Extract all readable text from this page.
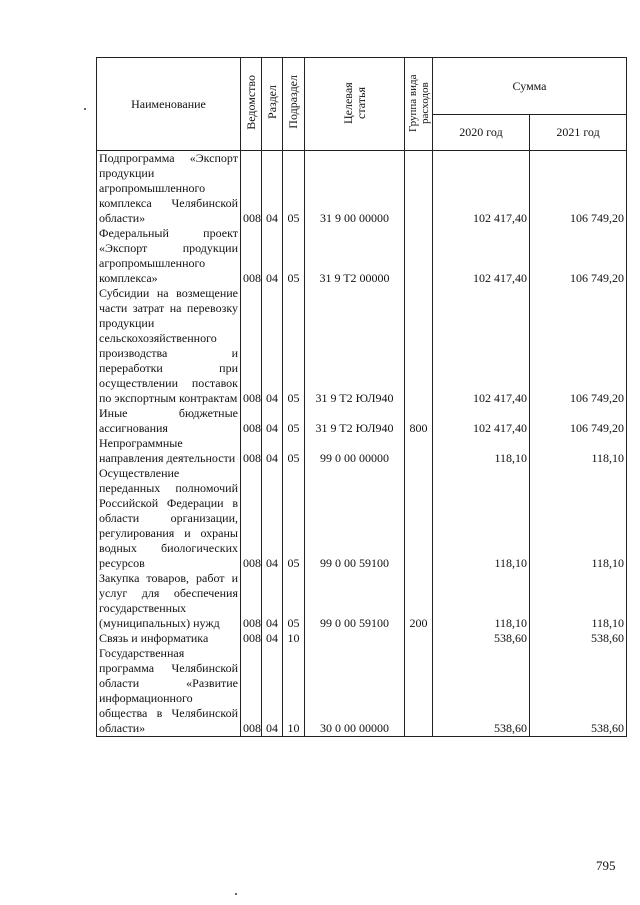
Наименование	Ведомство	Раздел	Подраздел	Целевая статья	Группа вида расходов	Сумма	
						2020 год	2021 год
Подпрограмма «Экспорт продукции агропромышленного комплекса Челябинской области»	008	04	05	31 9 00 00000		102 417,40	106 749,20
Федеральный проект «Экспорт продукции агропромышленного комплекса»	008	04	05	31 9 T2 00000		102 417,40	106 749,20
Субсидии на возмещение части затрат на перевозку продукции сельскохозяйственного производства и переработки при осуществлении поставок по экспортным контрактам	008	04	05	31 9 T2 ЮЛ940		102 417,40	106 749,20
Иные бюджетные ассигнования	008	04	05	31 9 T2 ЮЛ940	800	102 417,40	106 749,20
Непрограммные направления деятельности	008	04	05	99 0 00 00000		118,10	118,10
Осуществление переданных полномочий Российской Федерации в области организации, регулирования и охраны водных биологических ресурсов	008	04	05	99 0 00 59100		118,10	118,10
Закупка товаров, работ и услуг для обеспечения государственных (муниципальных) нужд	008	04	05	99 0 00 59100	200	118,10	118,10
Связь и информатика	008	04	10			538,60	538,60
Государственная программа Челябинской области «Развитие информационного общества в Челябинской области»	008	04	10	30 0 00 00000		538,60	538,60
795
